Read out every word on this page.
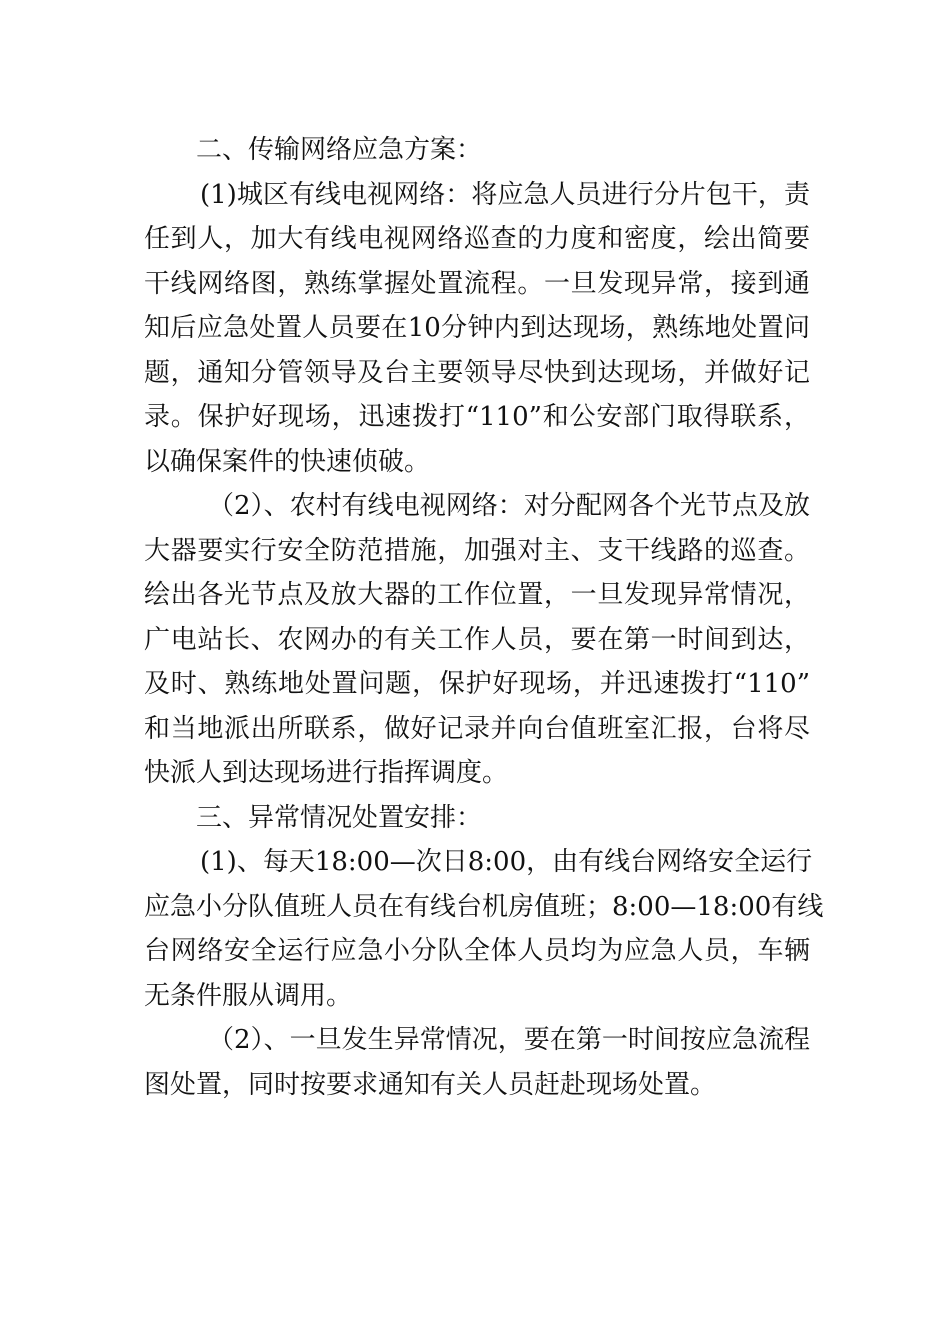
二、传输网络应急方案：
(1)城区有线电视网络：将应急人员进行分片包干，责
任到人，加大有线电视网络巡查的力度和密度，绘出简要
干线网络图，熟练掌握处置流程。一旦发现异常，接到通
知后应急处置人员要在10分钟内到达现场，熟练地处置问
题，通知分管领导及台主要领导尽快到达现场，并做好记
录。保护好现场，迅速拨打“110”和公安部门取得联系，
以确保案件的快速侦破。
（2）、农村有线电视网络：对分配网各个光节点及放
大器要实行安全防范措施，加强对主、支干线路的巡查。
绘出各光节点及放大器的工作位置，一旦发现异常情况，
广电站长、农网办的有关工作人员，要在第一时间到达，
及时、熟练地处置问题，保护好现场，并迅速拨打“110”
和当地派出所联系，做好记录并向台值班室汇报，台将尽
快派人到达现场进行指挥调度。
三、异常情况处置安排：
(1)、每天18:00—次日8:00，由有线台网络安全运行
应急小分队值班人员在有线台机房值班；8:00—18:00有线
台网络安全运行应急小分队全体人员均为应急人员，车辆
无条件服从调用。
（2）、一旦发生异常情况，要在第一时间按应急流程
图处置，同时按要求通知有关人员赶赴现场处置。
